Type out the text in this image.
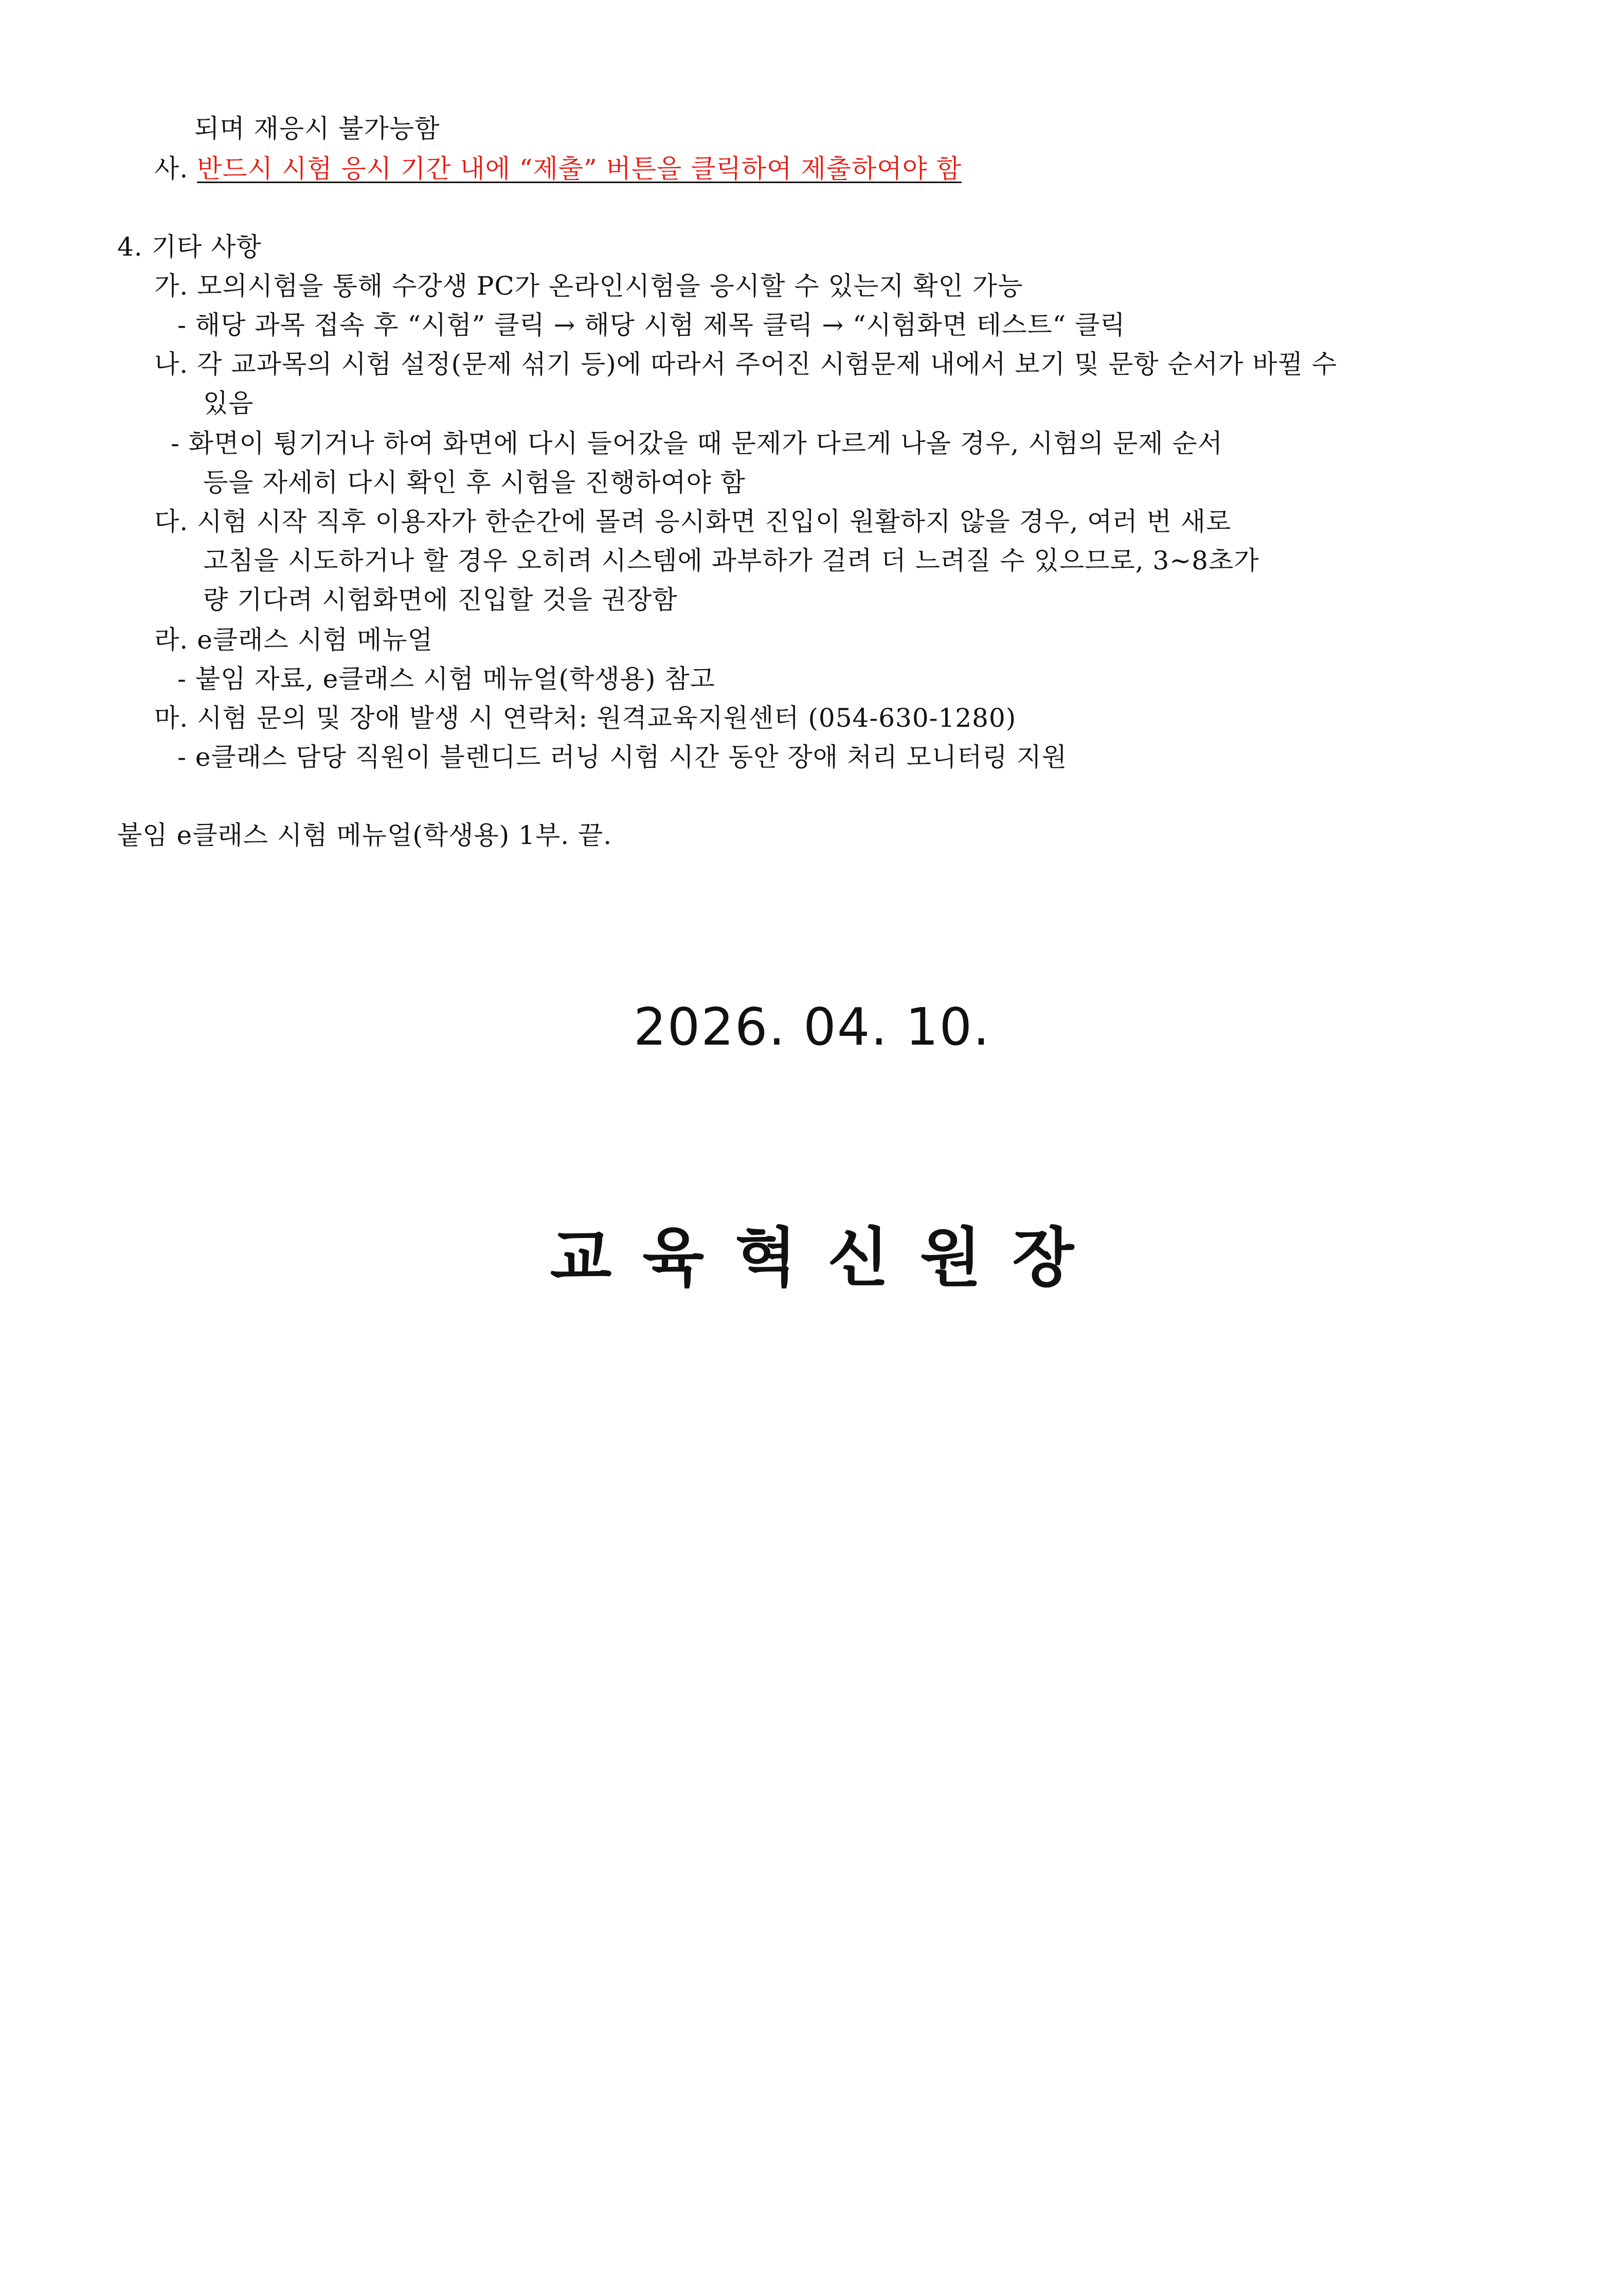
되며 재응시 불가능함
사. 반드시 시험 응시 기간 내에 “제출” 버튼을 클릭하여 제출하여야 함
4. 기타 사항
가. 모의시험을 통해 수강생 PC가 온라인시험을 응시할 수 있는지 확인 가능
- 해당 과목 접속 후 “시험” 클릭 → 해당 시험 제목 클릭 → “시험화면 테스트“ 클릭
나. 각 교과목의 시험 설정(문제 섞기 등)에 따라서 주어진 시험문제 내에서 보기 및 문항 순서가 바뀔 수
있음
- 화면이 튕기거나 하여 화면에 다시 들어갔을 때 문제가 다르게 나올 경우, 시험의 문제 순서
등을 자세히 다시 확인 후 시험을 진행하여야 함
다. 시험 시작 직후 이용자가 한순간에 몰려 응시화면 진입이 원활하지 않을 경우, 여러 번 새로
고침을 시도하거나 할 경우 오히려 시스템에 과부하가 걸려 더 느려질 수 있으므로, 3~8초가
량 기다려 시험화면에 진입할 것을 권장함
라. e클래스 시험 메뉴얼
- 붙임 자료, e클래스 시험 메뉴얼(학생용) 참고
마. 시험 문의 및 장애 발생 시 연락처: 원격교육지원센터 (054-630-1280)
- e클래스 담당 직원이 블렌디드 러닝 시험 시간 동안 장애 처리 모니터링 지원
붙임 e클래스 시험 메뉴얼(학생용) 1부. 끝.
2026. 04. 10.
교육혁신원장
